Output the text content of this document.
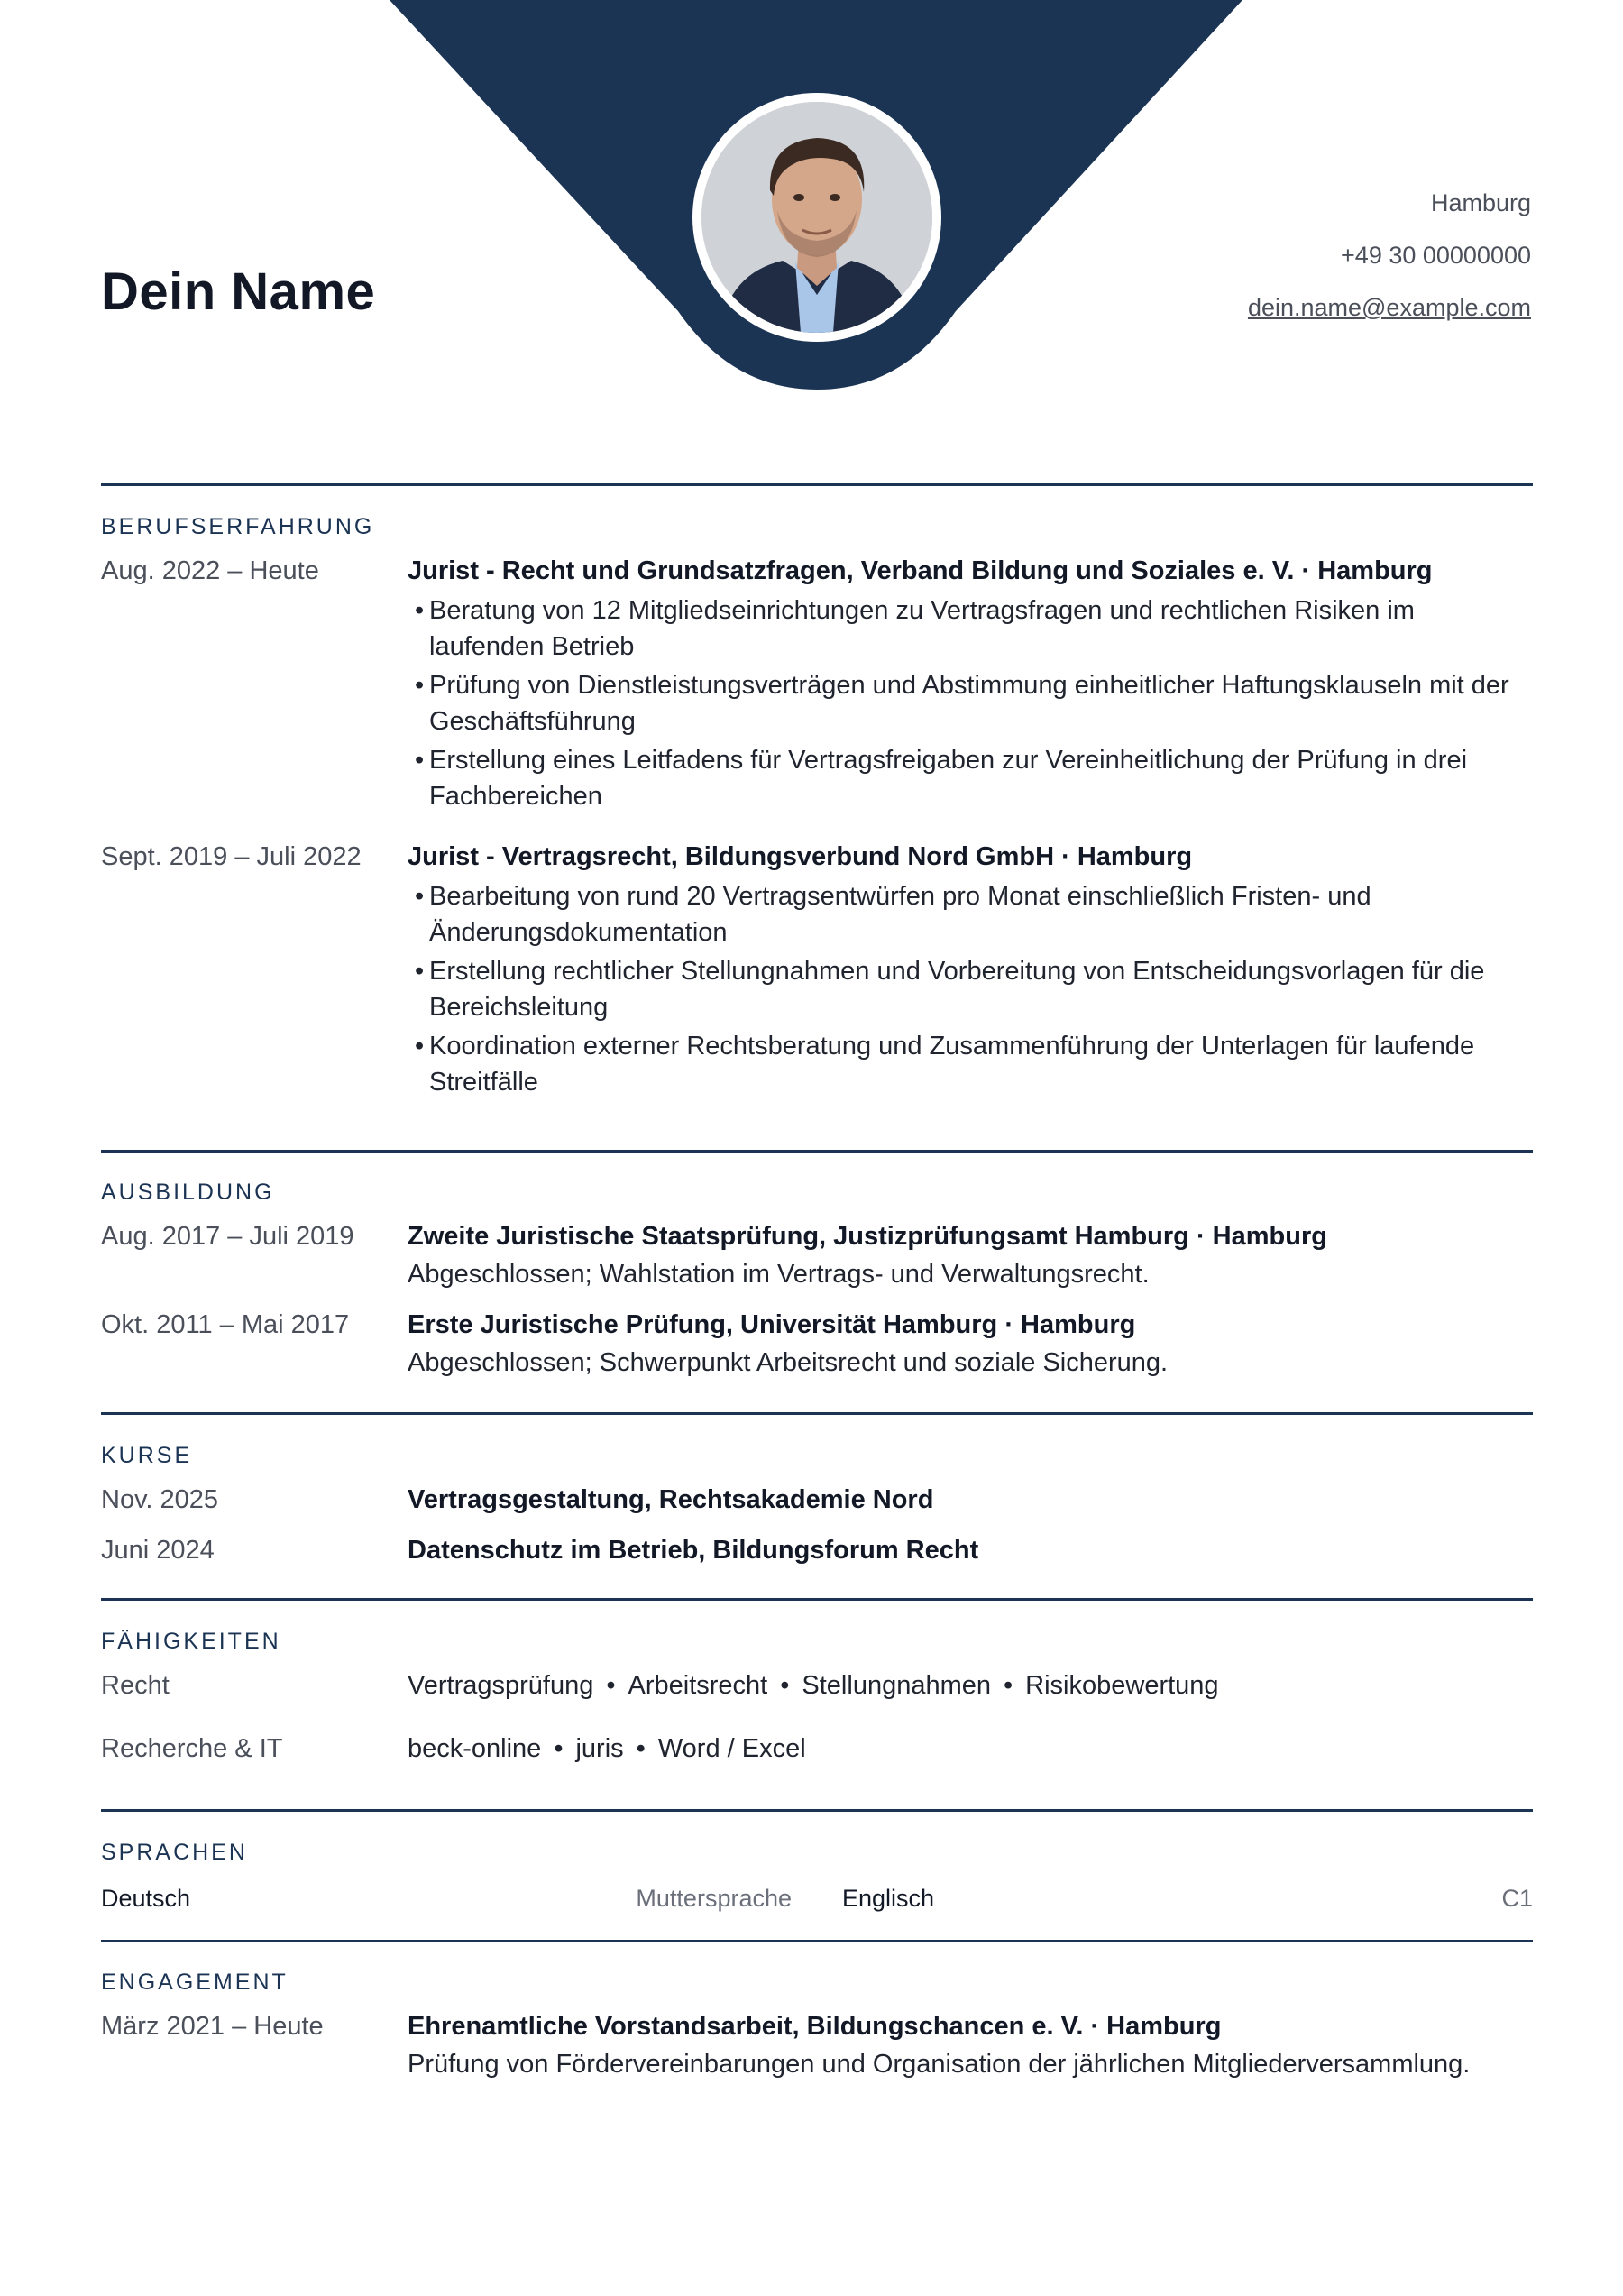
Dein Name
Hamburg
+49 30 00000000
dein.name@example.com
BERUFSERFAHRUNG
Aug. 2022 – Heute	Jurist - Recht und Grundsatzfragen, Verband Bildung und Soziales e. V. · Hamburg
• Beratung von 12 Mitgliedseinrichtungen zu Vertragsfragen und rechtlichen Risiken im laufenden Betrieb
• Prüfung von Dienstleistungsverträgen und Abstimmung einheitlicher Haftungsklauseln mit der Geschäftsführung
• Erstellung eines Leitfadens für Vertragsfreigaben zur Vereinheitlichung der Prüfung in drei Fachbereichen
Sept. 2019 – Juli 2022	Jurist - Vertragsrecht, Bildungsverbund Nord GmbH · Hamburg
• Bearbeitung von rund 20 Vertragsentwürfen pro Monat einschließlich Fristen- und Änderungsdokumentation
• Erstellung rechtlicher Stellungnahmen und Vorbereitung von Entscheidungsvorlagen für die Bereichsleitung
• Koordination externer Rechtsberatung und Zusammenführung der Unterlagen für laufende Streitfälle
AUSBILDUNG
Aug. 2017 – Juli 2019	Zweite Juristische Staatsprüfung, Justizprüfungsamt Hamburg · Hamburg
Abgeschlossen; Wahlstation im Vertrags- und Verwaltungsrecht.
Okt. 2011 – Mai 2017	Erste Juristische Prüfung, Universität Hamburg · Hamburg
Abgeschlossen; Schwerpunkt Arbeitsrecht und soziale Sicherung.
KURSE
Nov. 2025	Vertragsgestaltung, Rechtsakademie Nord
Juni 2024	Datenschutz im Betrieb, Bildungsforum Recht
FÄHIGKEITEN
Recht	Vertragsprüfung • Arbeitsrecht • Stellungnahmen • Risikobewertung
Recherche & IT	beck-online • juris • Word / Excel
SPRACHEN
Deutsch	Muttersprache Englisch	C1
ENGAGEMENT
März 2021 – Heute	Ehrenamtliche Vorstandsarbeit, Bildungschancen e. V. · Hamburg
Prüfung von Fördervereinbarungen und Organisation der jährlichen Mitgliederversammlung.
